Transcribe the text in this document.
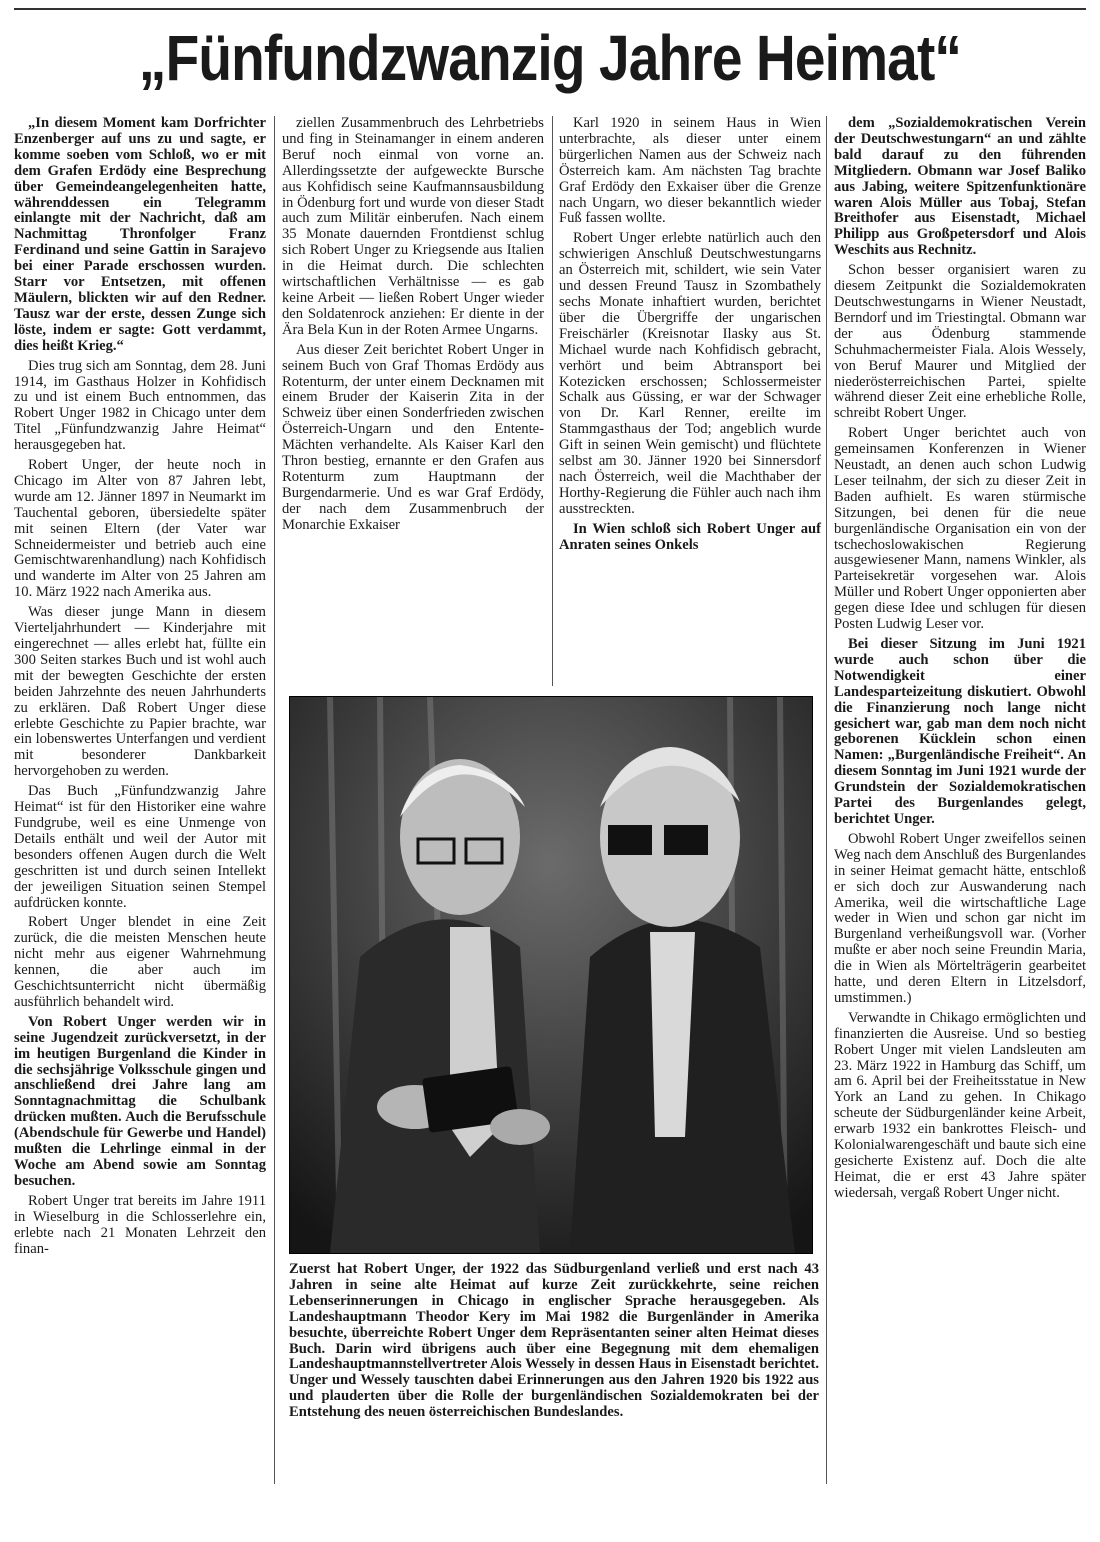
„Fünfundzwanzig Jahre Heimat“

„In diesem Moment kam Dorfrichter Enzenberger auf uns zu und sagte, er komme soeben vom Schloß, wo er mit dem Grafen Erdödy eine Besprechung über Gemeindeangelegenheiten hatte, währenddessen ein Telegramm einlangte mit der Nachricht, daß am Nachmittag Thronfolger Franz Ferdinand und seine Gattin in Sarajevo bei einer Parade erschossen wurden. Starr vor Entsetzen, mit offenen Mäulern, blickten wir auf den Redner. Tausz war der erste, dessen Zunge sich löste, indem er sagte: Gott verdammt, dies heißt Krieg.“

Dies trug sich am Sonntag, dem 28. Juni 1914, im Gasthaus Holzer in Kohfidisch zu und ist einem Buch entnommen, das Robert Unger 1982 in Chicago unter dem Titel „Fünfundzwanzig Jahre Heimat“ herausgegeben hat.

Robert Unger, der heute noch in Chicago im Alter von 87 Jahren lebt, wurde am 12. Jänner 1897 in Neumarkt im Tauchental geboren, übersiedelte später mit seinen Eltern (der Vater war Schneidermeister und betrieb auch eine Gemischtwarenhandlung) nach Kohfidisch und wanderte im Alter von 25 Jahren am 10. März 1922 nach Amerika aus.

Was dieser junge Mann in diesem Vierteljahrhundert — Kinderjahre mit eingerechnet — alles erlebt hat, füllte ein 300 Seiten starkes Buch und ist wohl auch mit der bewegten Geschichte der ersten beiden Jahrzehnte des neuen Jahrhunderts zu erklären. Daß Robert Unger diese erlebte Geschichte zu Papier brachte, war ein lobenswertes Unterfangen und verdient mit besonderer Dankbarkeit hervorgehoben zu werden.

Das Buch „Fünfundzwanzig Jahre Heimat“ ist für den Historiker eine wahre Fundgrube, weil es eine Unmenge von Details enthält und weil der Autor mit besonders offenen Augen durch die Welt geschritten ist und durch seinen Intellekt der jeweiligen Situation seinen Stempel aufdrücken konnte.

Robert Unger blendet in eine Zeit zurück, die die meisten Menschen heute nicht mehr aus eigener Wahrnehmung kennen, die aber auch im Geschichtsunterricht nicht übermäßig ausführlich behandelt wird.

Von Robert Unger werden wir in seine Jugendzeit zurückversetzt, in der im heutigen Burgenland die Kinder in die sechsjährige Volksschule gingen und anschließend drei Jahre lang am Sonntagnachmittag die Schulbank drücken mußten. Auch die Berufsschule (Abendschule für Gewerbe und Handel) mußten die Lehrlinge einmal in der Woche am Abend sowie am Sonntag besuchen.

Robert Unger trat bereits im Jahre 1911 in Wieselburg in die Schlosserlehre ein, erlebte nach 21 Monaten Lehrzeit den finan-

ziellen Zusammenbruch des Lehrbetriebs und fing in Steinamanger in einem anderen Beruf noch einmal von vorne an. Allerdingssetzte der aufgeweckte Bursche aus Kohfidisch seine Kaufmannsausbildung in Ödenburg fort und wurde von dieser Stadt auch zum Militär einberufen. Nach einem 35 Monate dauernden Frontdienst schlug sich Robert Unger zu Kriegsende aus Italien in die Heimat durch. Die schlechten wirtschaftlichen Verhältnisse — es gab keine Arbeit — ließen Robert Unger wieder den Soldatenrock anziehen: Er diente in der Ära Bela Kun in der Roten Armee Ungarns.

Aus dieser Zeit berichtet Robert Unger in seinem Buch von Graf Thomas Erdödy aus Rotenturm, der unter einem Decknamen mit einem Bruder der Kaiserin Zita in der Schweiz über einen Sonderfrieden zwischen Österreich-Ungarn und den Entente-Mächten verhandelte. Als Kaiser Karl den Thron bestieg, ernannte er den Grafen aus Rotenturm zum Hauptmann der Burgendarmerie. Und es war Graf Erdödy, der nach dem Zusammenbruch der Monarchie Exkaiser

Karl 1920 in seinem Haus in Wien unterbrachte, als dieser unter einem bürgerlichen Namen aus der Schweiz nach Österreich kam. Am nächsten Tag brachte Graf Erdödy den Exkaiser über die Grenze nach Ungarn, wo dieser bekanntlich wieder Fuß fassen wollte.

Robert Unger erlebte natürlich auch den schwierigen Anschluß Deutschwestungarns an Österreich mit, schildert, wie sein Vater und dessen Freund Tausz in Szombathely sechs Monate inhaftiert wurden, berichtet über die Übergriffe der ungarischen Freischärler (Kreisnotar Ilasky aus St. Michael wurde nach Kohfidisch gebracht, verhört und beim Abtransport bei Kotezicken erschossen; Schlossermeister Schalk aus Güssing, er war der Schwager von Dr. Karl Renner, ereilte im Stammgasthaus der Tod; angeblich wurde Gift in seinen Wein gemischt) und flüchtete selbst am 30. Jänner 1920 bei Sinnersdorf nach Österreich, weil die Machthaber der Horthy-Regierung die Fühler auch nach ihm ausstreckten.

In Wien schloß sich Robert Unger auf Anraten seines Onkels

dem „Sozialdemokratischen Verein der Deutschwestungarn“ an und zählte bald darauf zu den führenden Mitgliedern. Obmann war Josef Baliko aus Jabing, weitere Spitzenfunktionäre waren Alois Müller aus Tobaj, Stefan Breithofer aus Eisenstadt, Michael Philipp aus Großpetersdorf und Alois Weschits aus Rechnitz.

Schon besser organisiert waren zu diesem Zeitpunkt die Sozialdemokraten Deutschwestungarns in Wiener Neustadt, Berndorf und im Triestingtal. Obmann war der aus Ödenburg stammende Schuhmachermeister Fiala. Alois Wessely, von Beruf Maurer und Mitglied der niederösterreichischen Partei, spielte während dieser Zeit eine erhebliche Rolle, schreibt Robert Unger.

Robert Unger berichtet auch von gemeinsamen Konferenzen in Wiener Neustadt, an denen auch schon Ludwig Leser teilnahm, der sich zu dieser Zeit in Baden aufhielt. Es waren stürmische Sitzungen, bei denen für die neue burgenländische Organisation ein von der tschechoslowakischen Regierung ausgewiesener Mann, namens Winkler, als Parteisekretär vorgesehen war. Alois Müller und Robert Unger opponierten aber gegen diese Idee und schlugen für diesen Posten Ludwig Leser vor.

Bei dieser Sitzung im Juni 1921 wurde auch schon über die Notwendigkeit einer Landesparteizeitung diskutiert. Obwohl die Finanzierung noch lange nicht gesichert war, gab man dem noch nicht geborenen Kücklein schon einen Namen: „Burgenländische Freiheit“. An diesem Sonntag im Juni 1921 wurde der Grundstein der Sozialdemokratischen Partei des Burgenlandes gelegt, berichtet Unger.

Obwohl Robert Unger zweifellos seinen Weg nach dem Anschluß des Burgenlandes in seiner Heimat gemacht hätte, entschloß er sich doch zur Auswanderung nach Amerika, weil die wirtschaftliche Lage weder in Wien und schon gar nicht im Burgenland verheißungsvoll war. (Vorher mußte er aber noch seine Freundin Maria, die in Wien als Mörtelträgerin gearbeitet hatte, und deren Eltern in Litzelsdorf, umstimmen.)

Verwandte in Chikago ermöglichten und finanzierten die Ausreise. Und so bestieg Robert Unger mit vielen Landsleuten am 23. März 1922 in Hamburg das Schiff, um am 6. April bei der Freiheitsstatue in New York an Land zu gehen. In Chikago scheute der Südburgenländer keine Arbeit, erwarb 1932 ein bankrottes Fleisch- und Kolonialwarengeschäft und baute sich eine gesicherte Existenz auf. Doch die alte Heimat, die er erst 43 Jahre später wiedersah, vergaß Robert Unger nicht.

Zuerst hat Robert Unger, der 1922 das Südburgenland verließ und erst nach 43 Jahren in seine alte Heimat auf kurze Zeit zurückkehrte, seine reichen Lebenserinnerungen in Chicago in englischer Sprache herausgegeben. Als Landeshauptmann Theodor Kery im Mai 1982 die Burgenländer in Amerika besuchte, überreichte Robert Unger dem Repräsentanten seiner alten Heimat dieses Buch. Darin wird übrigens auch über eine Begegnung mit dem ehemaligen Landeshauptmannstellvertreter Alois Wessely in dessen Haus in Eisenstadt berichtet. Unger und Wessely tauschten dabei Erinnerungen aus den Jahren 1920 bis 1922 aus und plauderten über die Rolle der burgenländischen Sozialdemokraten bei der Entstehung des neuen österreichischen Bundeslandes.
